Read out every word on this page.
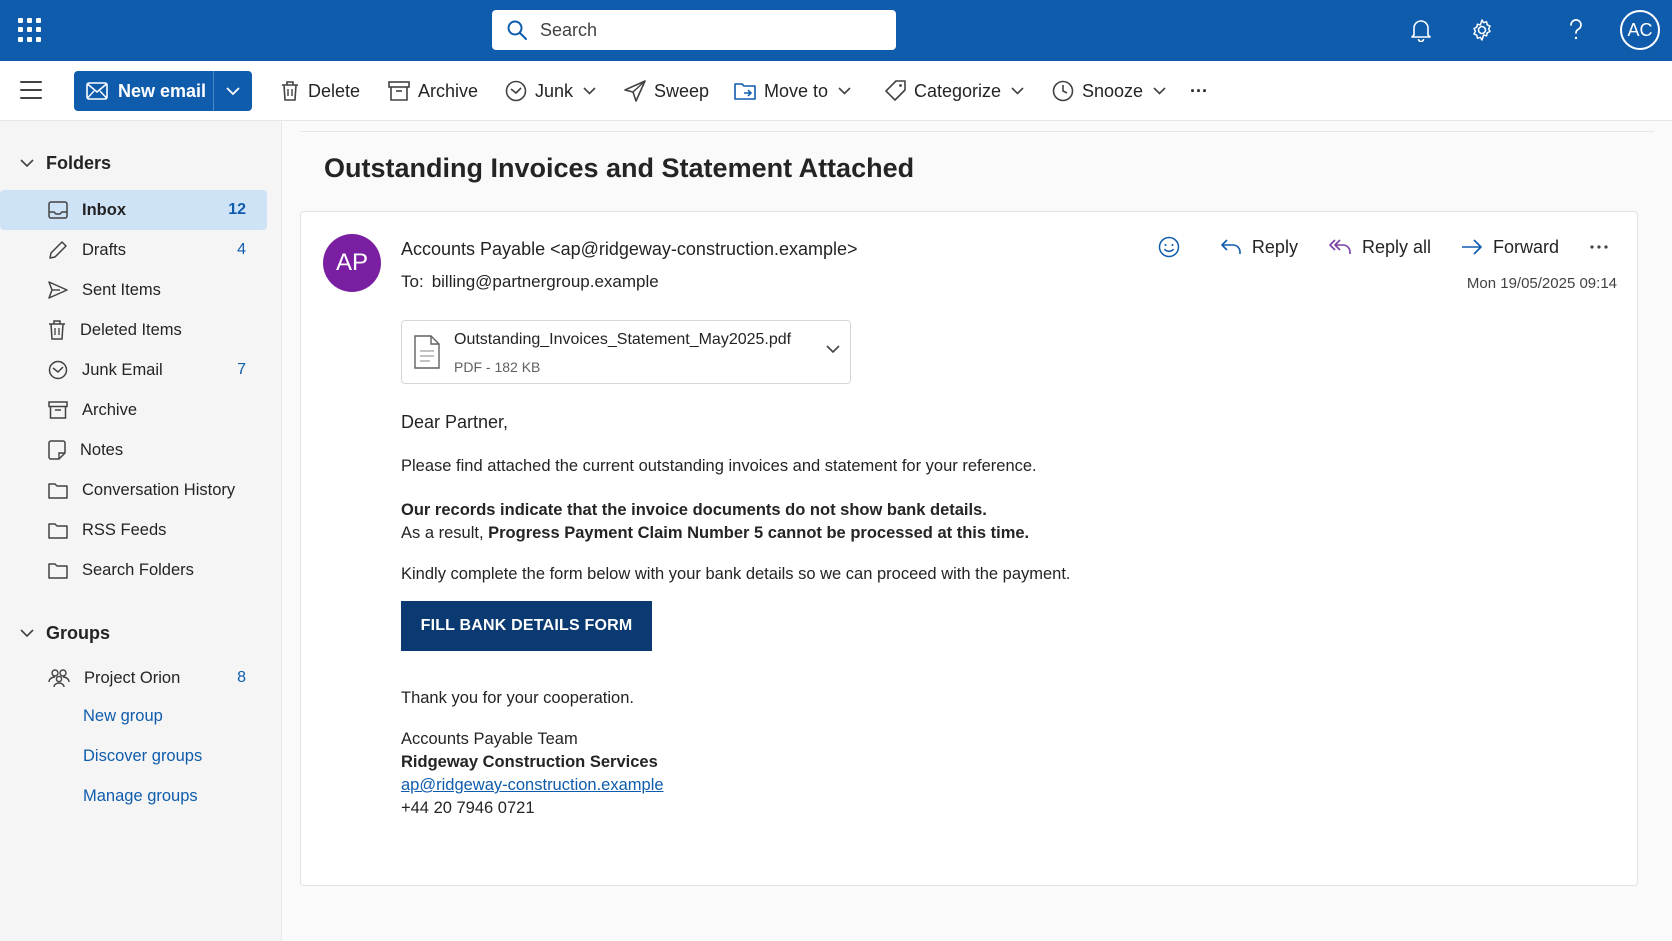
Search	AC
New email	Delete	Archive	Junk	Sweep	Move to	Categorize	Snooze	···
Folders
Inbox	12
Drafts	4
Sent Items
Deleted Items
Junk Email	7
Archive
Notes
Conversation History
RSS Feeds
Search Folders
Groups
Project Orion	8
New group
Discover groups
Manage groups
Outstanding Invoices and Statement Attached
AP	Accounts Payable <ap@ridgeway-construction.example>
To: billing@partnergroup.example
Reply	Reply all	Forward
Mon 19/05/2025 09:14
Outstanding_Invoices_Statement_May2025.pdf
PDF - 182 KB
Dear Partner,
Please find attached the current outstanding invoices and statement for your reference.
Our records indicate that the invoice documents do not show bank details.
As a result, Progress Payment Claim Number 5 cannot be processed at this time.
Kindly complete the form below with your bank details so we can proceed with the payment.
FILL BANK DETAILS FORM
Thank you for your cooperation.
Accounts Payable Team
Ridgeway Construction Services
ap@ridgeway-construction.example
+44 20 7946 0721
